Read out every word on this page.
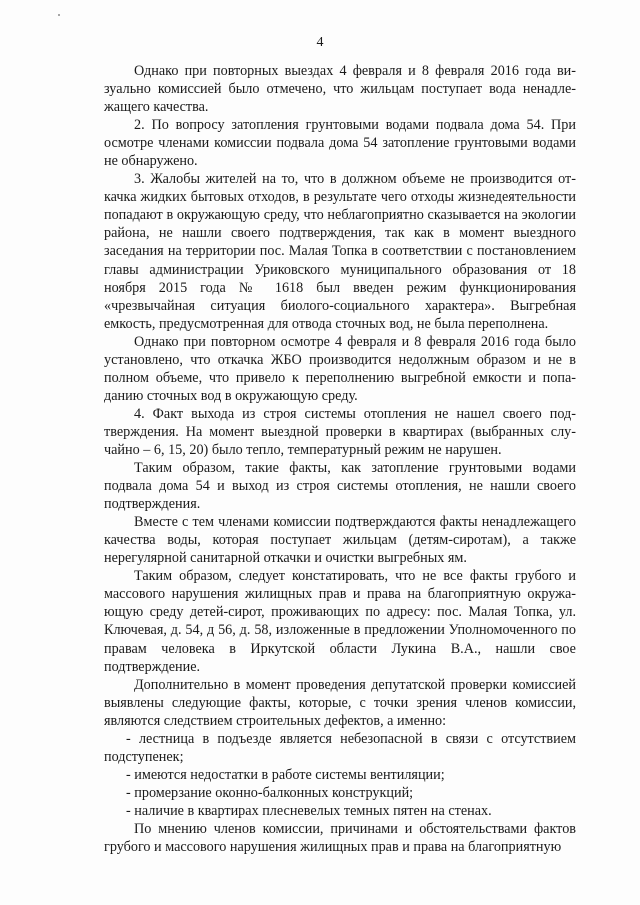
4

Однако при повторных выездах 4 февраля и 8 февраля 2016 года визуально комиссией было отмечено, что жильцам поступает вода ненадлежащего качества.

2. По вопросу затопления грунтовыми водами подвала дома 54. При осмотре членами комиссии подвала дома 54 затопление грунтовыми водами не обнаружено.

3. Жалобы жителей на то, что в должном объеме не производится откачка жидких бытовых отходов, в результате чего отходы жизнедеятельности попадают в окружающую среду, что неблагоприятно сказывается на экологии района, не нашли своего подтверждения, так как в момент выездного заседания на территории пос. Малая Топка в соответствии с постановлением главы администрации Уриковского муниципального образования от 18 ноября 2015 года № 1618 был введен режим функционирования «чрезвычайная ситуация биолого-социального характера». Выгребная емкость, предусмотренная для отвода сточных вод, не была переполнена.

Однако при повторном осмотре 4 февраля и 8 февраля 2016 года было установлено, что откачка ЖБО производится недолжным образом и не в полном объеме, что привело к переполнению выгребной емкости и попаданию сточных вод в окружающую среду.

4. Факт выхода из строя системы отопления не нашел своего подтверждения. На момент выездной проверки в квартирах (выбранных случайно – 6, 15, 20) было тепло, температурный режим не нарушен.

Таким образом, такие факты, как затопление грунтовыми водами подвала дома 54 и выход из строя системы отопления, не нашли своего подтверждения.

Вместе с тем членами комиссии подтверждаются факты ненадлежащего качества воды, которая поступает жильцам (детям-сиротам), а также нерегулярной санитарной откачки и очистки выгребных ям.

Таким образом, следует констатировать, что не все факты грубого и массового нарушения жилищных прав и права на благоприятную окружающую среду детей-сирот, проживающих по адресу: пос. Малая Топка, ул. Ключевая, д. 54, д 56, д. 58, изложенные в предложении Уполномоченного по правам человека в Иркутской области Лукина В.А., нашли свое подтверждение.

Дополнительно в момент проведения депутатской проверки комиссией выявлены следующие факты, которые, с точки зрения членов комиссии, являются следствием строительных дефектов, а именно:

- лестница в подъезде является небезопасной в связи с отсутствием подступенек;

- имеются недостатки в работе системы вентиляции;

- промерзание оконно-балконных конструкций;

- наличие в квартирах плесневелых темных пятен на стенах.

По мнению членов комиссии, причинами и обстоятельствами фактов грубого и массового нарушения жилищных прав и права на благоприятную
